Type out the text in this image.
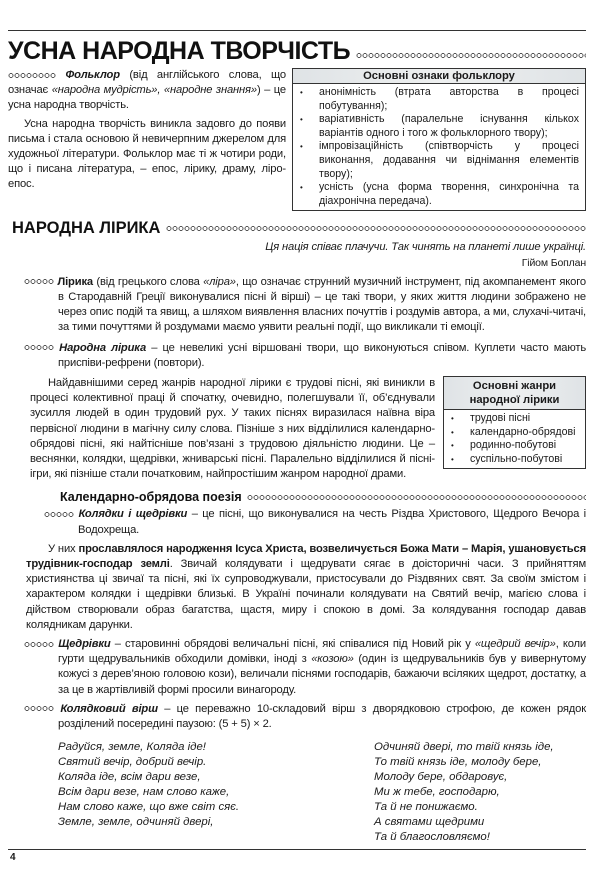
УСНА НАРОДНА ТВОРЧІСТЬ

Фольклор (від англійського слова, що означає «народна мудрість», «народне знання») – це усна народна творчість.

Усна народна творчість виникла задовго до появи письма і стала основою й невичерпним джерелом для художньої літератури. Фольклор має ті ж чотири роди, що і писана література, – епос, лірику, драму, ліро-епос.

Основні ознаки фольклору
• анонімність (втрата авторства в процесі побутування);
• варіативність (паралельне існування кількох варіантів одного і того ж фольклорного твору);
• імпровізаційність (співтворчість у процесі виконання, додавання чи віднімання елементів твору);
• усність (усна форма творення, синхронічна та діахронічна передача).
НАРОДНА ЛІРИКА
Ця нація співає плачучи. Так чинять на планеті лише українці.
Гійом Боплан

Лірика (від грецького слова «ліра», що означає струнний музичний інструмент, під акомпанемент якого в Стародавній Греції виконувалися пісні й вірші) – це такі твори, у яких життя людини зображено не через опис подій та явищ, а шляхом виявлення власних почуттів і роздумів автора, а ми, слухачі-читачі, за тими почуттями й роздумами маємо уявити реальні події, що викликали ті емоції.

Народна лірика – це невеликі усні віршовані твори, що виконуються співом. Куплети часто мають приспіви-рефрени (повтори).

Найдавнішими серед жанрів народної лірики є трудові пісні, які виникли в процесі колективної праці й спочатку, очевидно, полегшували її, об’єднували зусилля людей в один трудовий рух. У таких піснях виразилася наївна віра первісної людини в магічну силу слова. Пізніше з них відділилися календарно-обрядові пісні, які найтісніше пов’язані з трудовою діяльністю людини. Це – веснянки, колядки, щедрівки, жниварські пісні. Паралельно відділилися й пісні-ігри, які пізніше стали початковим, найпростішим жанром народної драми.

Основні жанри народної лірики
• трудові пісні
• календарно-обрядові
• родинно-побутові
• суспільно-побутові
Календарно-обрядова поезія

Колядки і щедрівки – це пісні, що виконувалися на честь Різдва Христового, Щедрого Вечора і Водохреща.

У них прославлялося народження Ісуса Христа, возвеличується Божа Мати – Марія, ушановується трудівник-господар землі. Звичай колядувати і щедрувати сягає в доісторичні часи. З прийняттям християнства ці звичаї та пісні, які їх супроводжували, пристосували до Різдвяних свят. За своїм змістом і характером колядки і щедрівки близькі. В Україні починали колядувати на Святий вечір, магією слова і дійством створювали образ багатства, щастя, миру і спокою в домі. За колядування господар давав колядникам дарунки.

Щедрівки – старовинні обрядові величальні пісні, які співалися під Новий рік у «щедрий вечір», коли гурти щедрувальників обходили домівки, іноді з «козою» (один із щедрувальників був у вивернутому кожусі з дерев’яною головою кози), величали піснями господарів, бажаючи всіляких щедрот, достатку, а за це в жартівливій формі просили винагороду.

Колядковий вірш – це переважно 10-складовий вірш з дворядковою строфою, де кожен рядок розділений посередині паузою: (5 + 5) × 2.

Радуйся, земле, Коляда іде!
Святий вечір, добрий вечір.
Коляда іде, всім дари везе,
Всім дари везе, нам слово каже,
Нам слово каже, що вже світ сяє.
Земле, земле, одчиняй двері,
Одчиняй двері, то твій князь іде,
То твій князь іде, молоду бере,
Молоду бере, обдаровує,
Ми ж тебе, господарю,
Та й не понижаємо.
А святами щедрими
Та й благословляємо!
4
